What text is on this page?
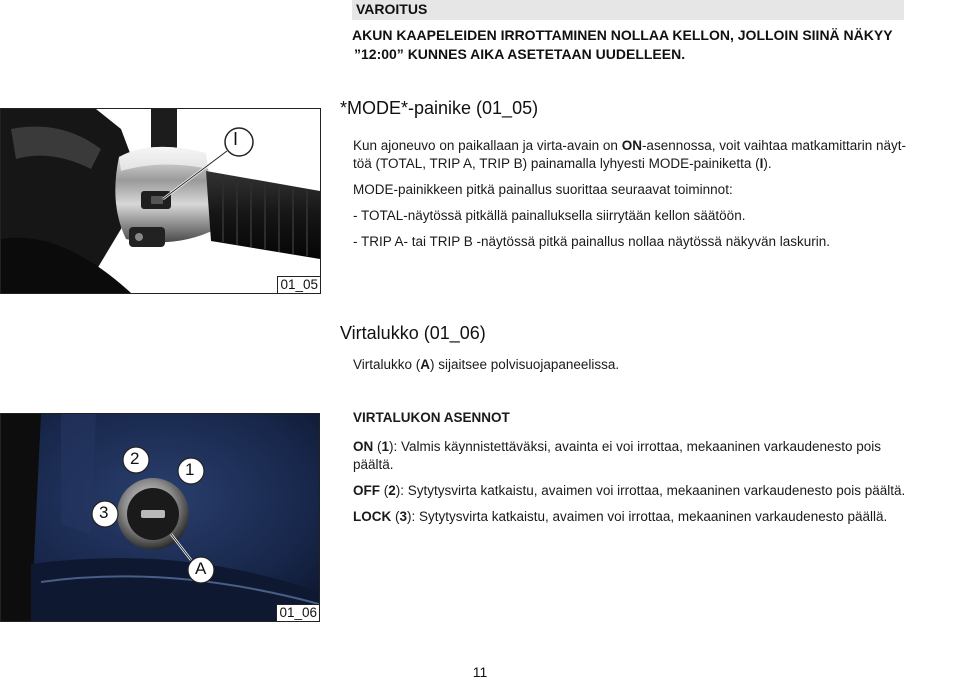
VAROITUS
AKUN KAAPELEIDEN IRROTTAMINEN NOLLAA KELLON, JOLLOIN SIINÄ NÄKYY
”12:00” KUNNES AIKA ASETETAAN UUDELLEEN.
*MODE*-painike (01_05)
Kun ajoneuvo on paikallaan ja virta-avain on ON-asennossa, voit vaihtaa matkamittarin näyt-
töä (TOTAL, TRIP A, TRIP B) painamalla lyhyesti MODE-painiketta (I).
MODE-painikkeen pitkä painallus suorittaa seuraavat toiminnot:
- TOTAL-näytössä pitkällä painalluksella siirrytään kellon säätöön.
- TRIP A- tai TRIP B -näytössä pitkä painallus nollaa näytössä näkyvän laskurin.
I
01_05
Virtalukko (01_06)
Virtalukko (A) sijaitsee polvisuojapaneelissa.
VIRTALUKON ASENNOT
ON (1): Valmis käynnistettäväksi, avainta ei voi irrottaa, mekaaninen varkaudenesto pois
päältä.
OFF (2): Sytytysvirta katkaistu, avaimen voi irrottaa, mekaaninen varkaudenesto pois päältä.
LOCK (3): Sytytysvirta katkaistu, avaimen voi irrottaa, mekaaninen varkaudenesto päällä.
2
1
3
A
01_06
11
